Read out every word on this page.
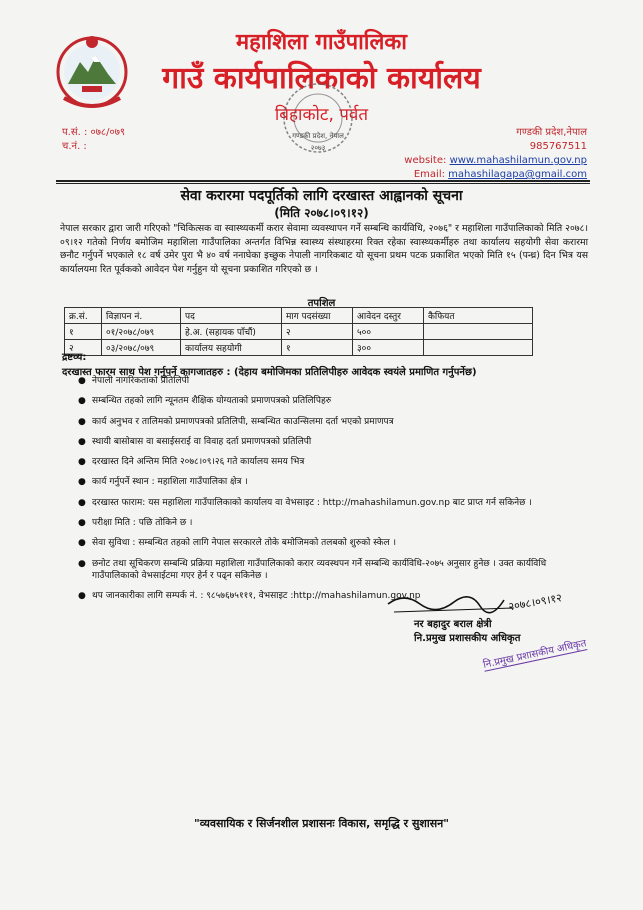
महाशिला गाउँपालिका
गाउँ कार्यपालिकाको कार्यालय
बिहाकोट, पर्वत
गण्डकी प्रदेश, नेपाल
२०७३
प.सं. : ०७८/०७९
च.नं. :
गण्डकी प्रदेश,नेपाल
985767511
website: www.mahashilamun.gov.np
Email: mahashilagapa@gmail.com
सेवा करारमा पदपूर्तिको लागि दरखास्त आह्वानको सूचना
(मिति २०७८।०९।१२)
नेपाल सरकार द्वारा जारी गरिएको "चिकित्सक वा स्वास्थ्यकर्मी करार सेवामा व्यवस्थापन गर्ने सम्बन्धि कार्यविधि, २०७६" र महाशिला गाउँपालिकाको मिति २०७८।०९।१२ गतेको निर्णय बमोजिम महाशिला गाउँपालिका अन्तर्गत विभिन्न स्वास्थ्य संस्थाहरमा रिक्त रहेका स्वास्थ्यकर्मीहरु तथा कार्यालय सहयोगी सेवा करारमा छनौट गर्नुपर्ने भएकाले १८ वर्ष उमेर पुरा भै ४० वर्ष ननाघेका इच्छुक नेपाली नागरिकबाट यो सूचना प्रथम पटक प्रकाशित भएको मिति १५ (पन्ध्र) दिन भित्र यस कार्यालयमा रित पूर्वकको आवेदन पेश गर्नुहुन यो सूचना प्रकाशित गरिएको छ ।
तपशिल
क्र.सं.	विज्ञापन नं.	पद	माग पदसंख्या	आवेदन दस्तुर	कैफियत
१	०१/२०७८/०७९	हे.अ. (सहायक पाँचौं)	२	५००	
२	०३/२०७८/०७९	कार्यालय सहयोगी	१	३००	
द्रष्टव्य:
दरखास्त फारम साथ पेश गर्नुपर्ने कागजातहरु : (देहाय बमोजिमका प्रतिलिपीहरु आवेदक स्वयंले प्रमाणित गर्नुपर्नेछ)
● नेपाली नागरिकताको प्रतिलिपी
● सम्बन्धित तहको लागि न्यूनतम शैक्षिक योग्यताको प्रमाणपत्रको प्रतिलिपिहरु
● कार्य अनुभव र तालिमको प्रमाणपत्रको प्रतिलिपी, सम्बन्धित काउन्सिलमा दर्ता भएको प्रमाणपत्र
● स्थायी बासोबास वा बसाईसराई वा विवाह दर्ता प्रमाणपत्रको प्रतिलिपी
● दरखास्त दिने अन्तिम मिति २०७८।०९।२६ गते कार्यालय समय भित्र
● कार्य गर्नुपर्ने स्थान : महाशिला गाउँपालिका क्षेत्र ।
● दरखास्त फाराम: यस महाशिला गाउँपालिकाको कार्यालय वा वेभसाइट : http://mahashilamun.gov.np बाट प्राप्त गर्न सकिनेछ ।
● परीक्षा मिति : पछि तोकिने छ ।
● सेवा सुविधा : सम्बन्धित तहको लागि नेपाल सरकारले तोके बमोजिमको तलबको शुरुको स्केल ।
● छनोट तथा सूचिकरण सम्बन्धि प्रक्रिया महाशिला गाउँपालिकाको करार व्यवस्थपन गर्ने सम्बन्धि कार्यविधि-२०७५ अनुसार हुनेछ । उक्त कार्यविधि गाउँपालिकाको वेभसाईटमा गएर हेर्न र पढ्न सकिनेछ ।
● थप जानकारीका लागि सम्पर्क नं. : ९८५७६७५१११, वेभसाइट :http://mahashilamun.gov.np	२०७८।०९।१२
नर बहादुर बराल क्षेत्री
नि.प्रमुख प्रशासकीय अधिकृत
नि.प्रमुख प्रशासकीय अधिकृत
"व्यवसायिक र सिर्जनशील प्रशासनः विकास, समृद्धि र सुशासन"
